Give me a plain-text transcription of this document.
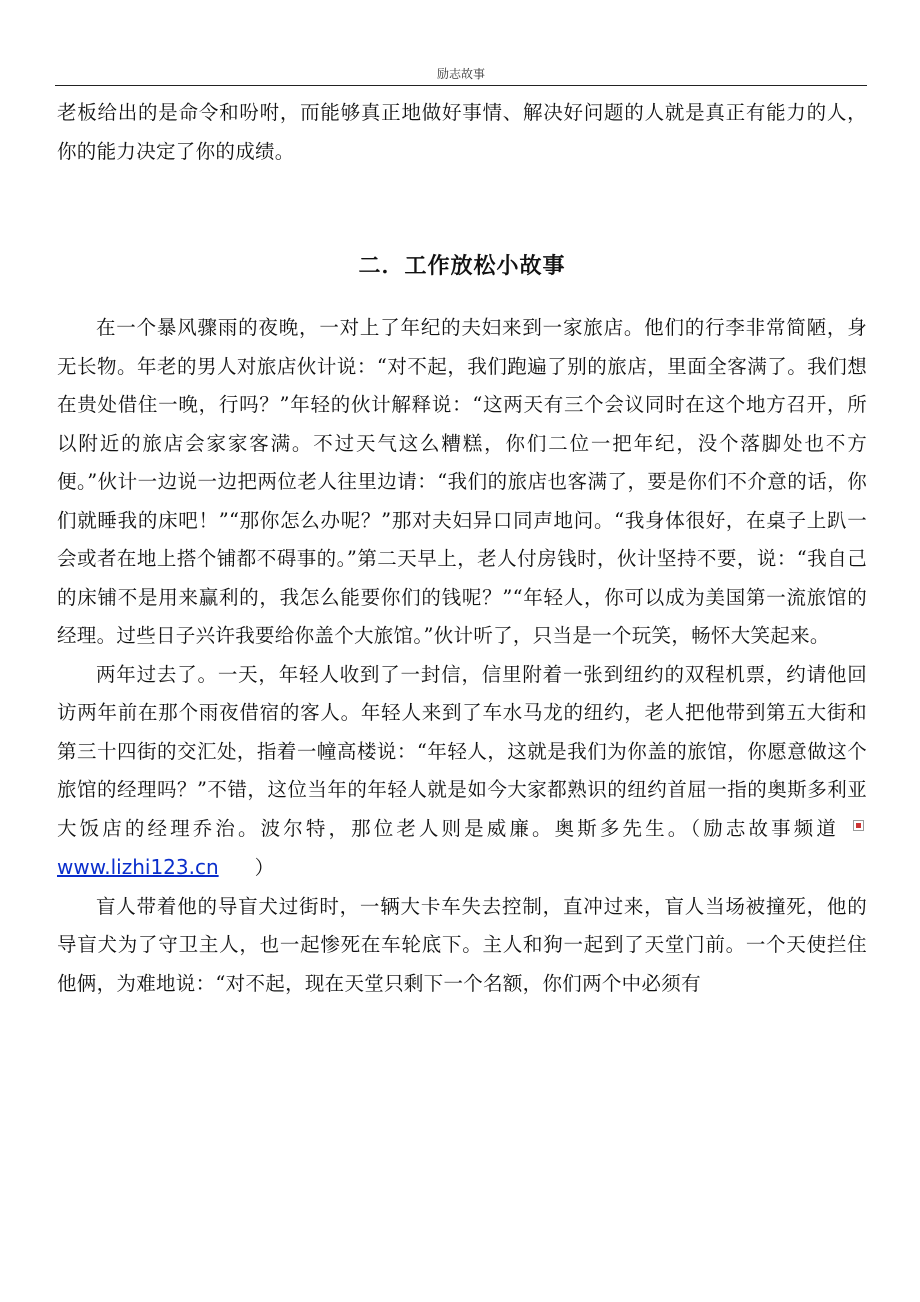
励志故事

老板给出的是命令和吩咐，而能够真正地做好事情、解决好问题的人就是真正有能力的人，你的能力决定了你的成绩。

二．工作放松小故事

在一个暴风骤雨的夜晚，一对上了年纪的夫妇来到一家旅店。他们的行李非常简陋，身无长物。年老的男人对旅店伙计说：“对不起，我们跑遍了别的旅店，里面全客满了。我们想在贵处借住一晚，行吗？”年轻的伙计解释说：“这两天有三个会议同时在这个地方召开，所以附近的旅店会家家客满。不过天气这么糟糕，你们二位一把年纪，没个落脚处也不方便。”伙计一边说一边把两位老人往里边请：“我们的旅店也客满了，要是你们不介意的话，你们就睡我的床吧！”“那你怎么办呢？”那对夫妇异口同声地问。“我身体很好，在桌子上趴一会或者在地上搭个铺都不碍事的。”第二天早上，老人付房钱时，伙计坚持不要，说：“我自己的床铺不是用来赢利的，我怎么能要你们的钱呢？”“年轻人，你可以成为美国第一流旅馆的经理。过些日子兴许我要给你盖个大旅馆。”伙计听了，只当是一个玩笑，畅怀大笑起来。

两年过去了。一天，年轻人收到了一封信，信里附着一张到纽约的双程机票，约请他回访两年前在那个雨夜借宿的客人。年轻人来到了车水马龙的纽约，老人把他带到第五大街和第三十四街的交汇处，指着一幢高楼说：“年轻人，这就是我们为你盖的旅馆，你愿意做这个旅馆的经理吗？”不错，这位当年的年轻人就是如今大家都熟识的纽约首屈一指的奥斯多利亚大饭店的经理乔治。波尔特，那位老人则是威廉。奥斯多先生。（励志故事频道www.lizhi123.cn ）

盲人带着他的导盲犬过街时，一辆大卡车失去控制，直冲过来，盲人当场被撞死，他的导盲犬为了守卫主人，也一起惨死在车轮底下。主人和狗一起到了天堂门前。一个天使拦住他俩，为难地说：“对不起，现在天堂只剩下一个名额，你们两个中必须有
